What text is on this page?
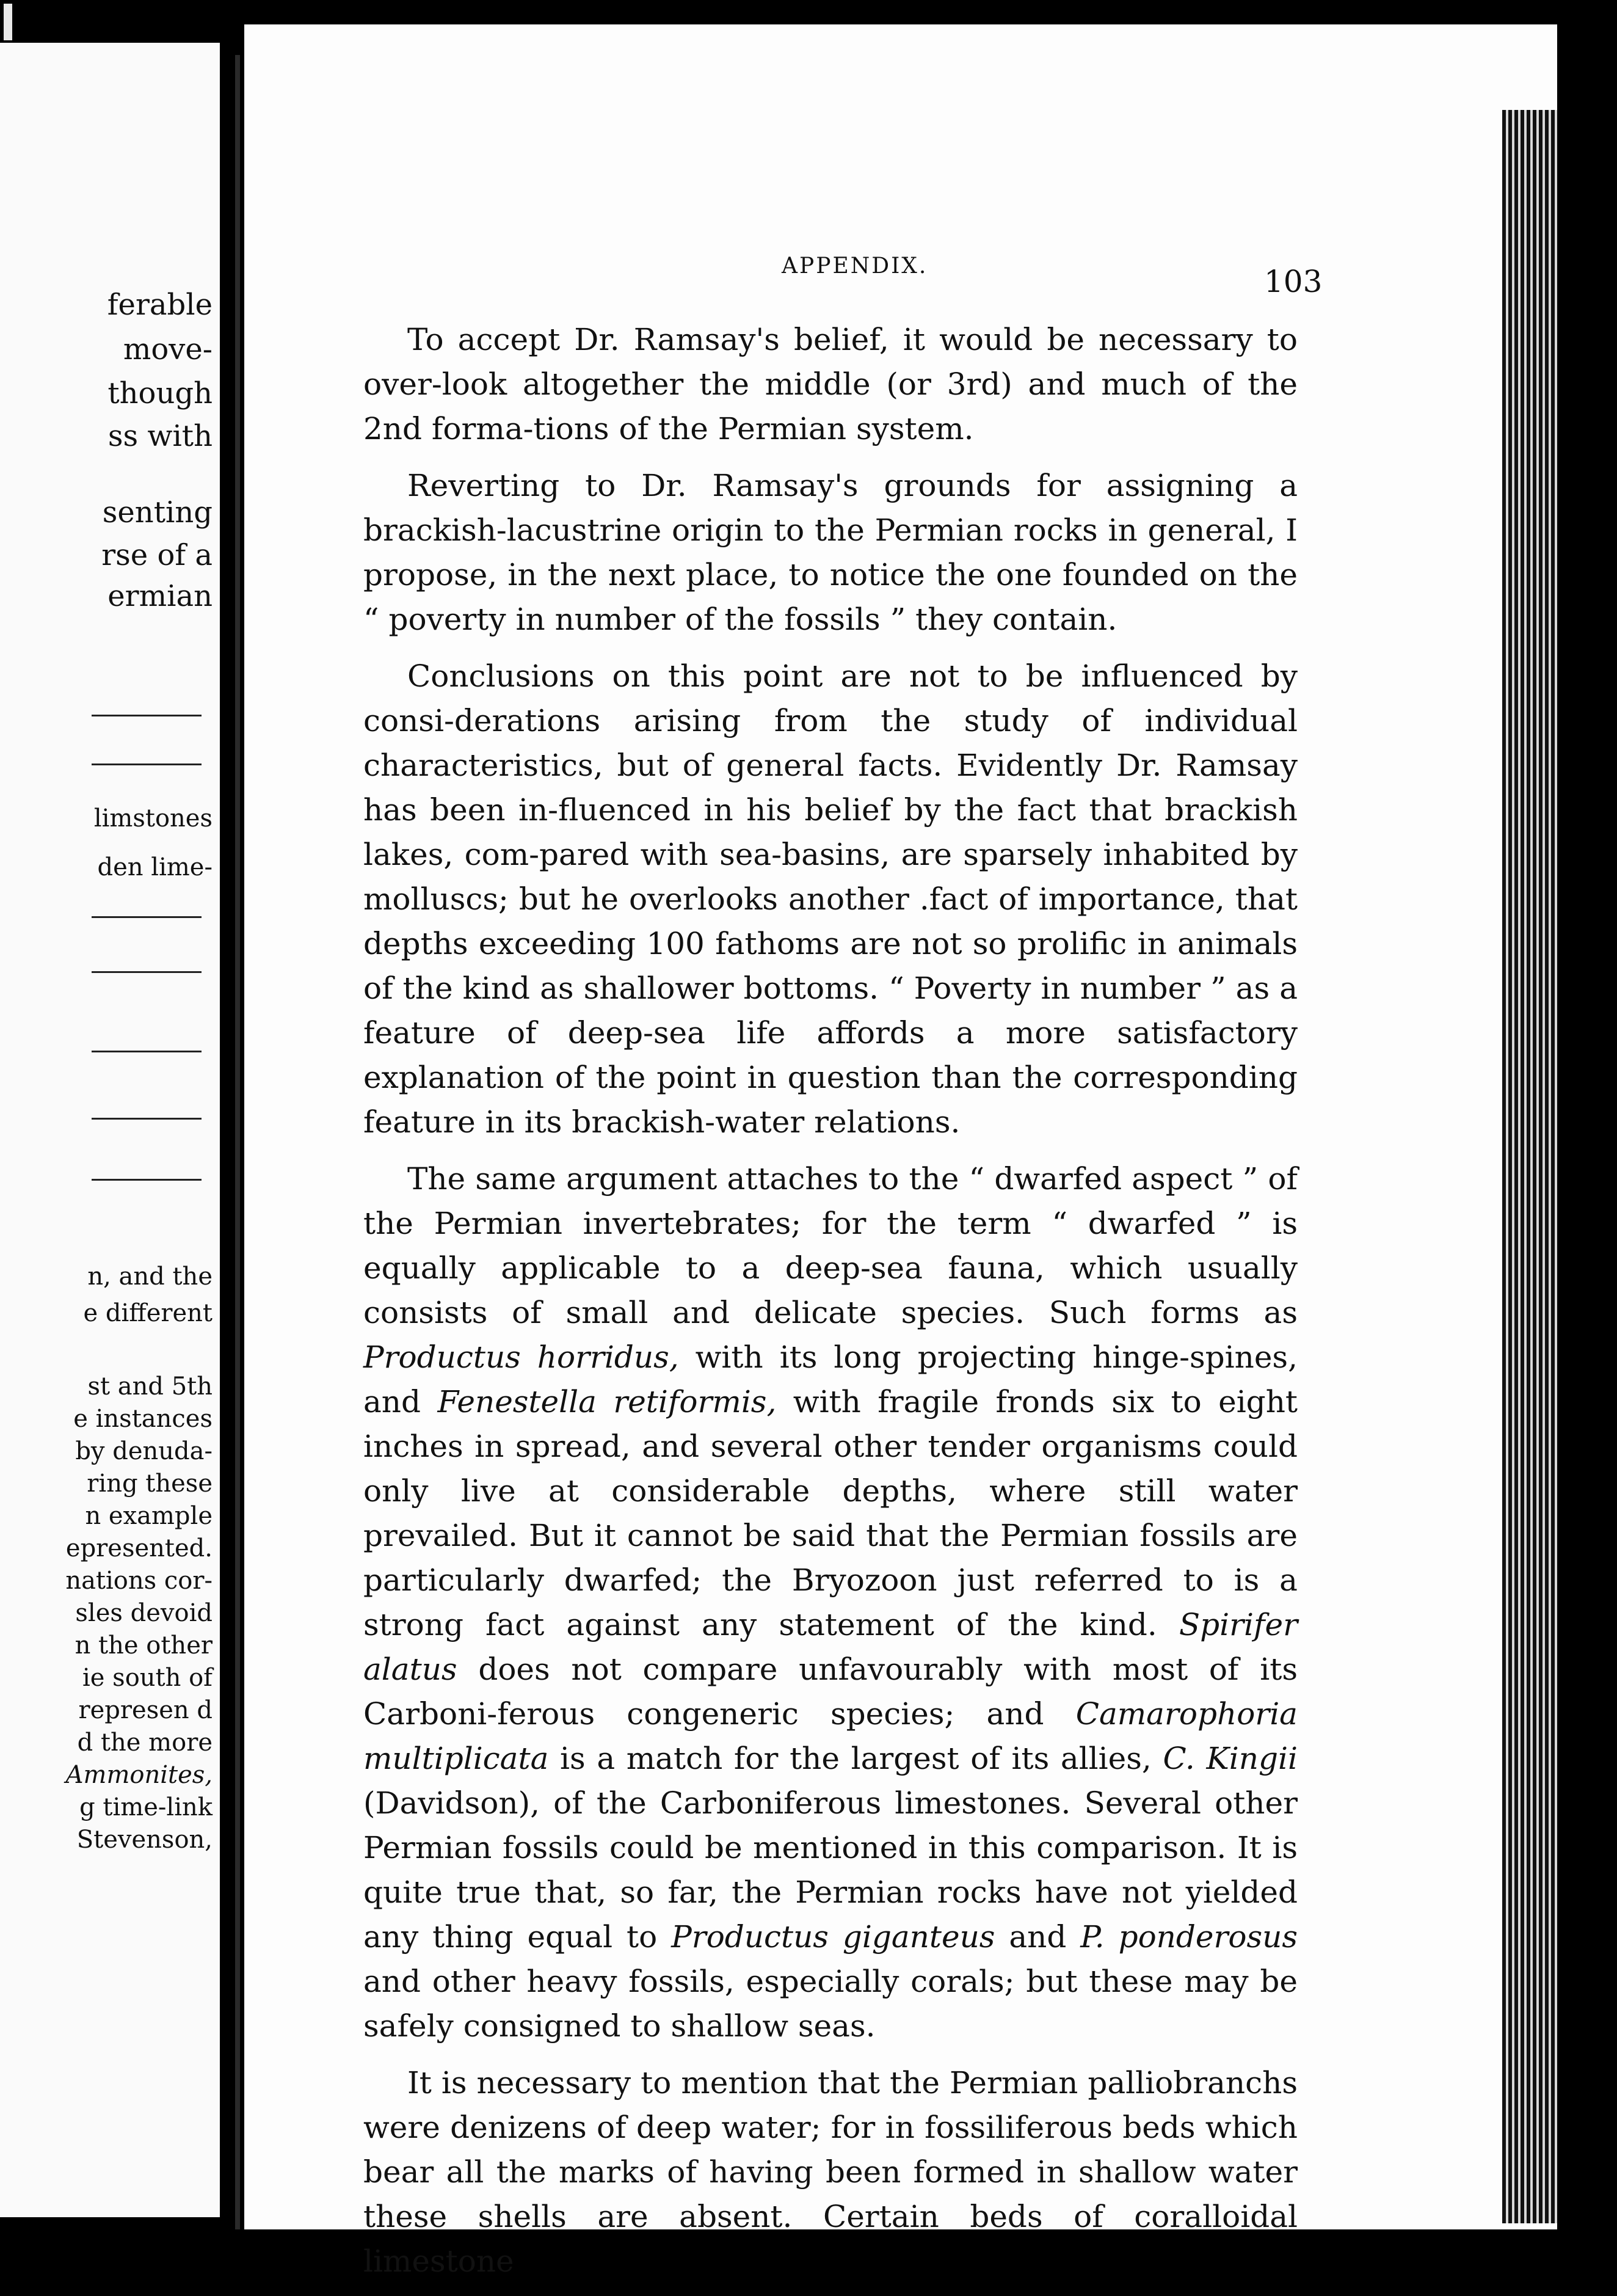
ferable
movе-
though
ss with
senting
rse of a
ermian
limstones
den lime-
n, and the
e different
st and 5th
e instances
by denuda-
ring these
n example
epresented.
nations cor-
sles devoid
n the other
ie south of
represen d
d the more
Ammonites,
g time-link
Stevenson,
APPENDIX.	103

To accept Dr. Ramsay's belief, it would be necessary to over-look altogether the middle (or 3rd) and much of the 2nd forma-tions of the Permian system.

Reverting to Dr. Ramsay's grounds for assigning a brackish-lacustrine origin to the Permian rocks in general, I propose, in the next place, to notice the one founded on the “ poverty in number of the fossils ” they contain.

Conclusions on this point are not to be influenced by consi-derations arising from the study of individual characteristics, but of general facts. Evidently Dr. Ramsay has been in-fluenced in his belief by the fact that brackish lakes, com-pared with sea-basins, are sparsely inhabited by molluscs; but he overlooks another .fact of importance, that depths exceeding 100 fathoms are not so prolific in animals of the kind as shallower bottoms. “ Poverty in number ” as a feature of deep-sea life affords a more satisfactory explanation of the point in question than the corresponding feature in its brackish-water relations.

The same argument attaches to the “ dwarfed aspect ” of the Permian invertebrates; for the term “ dwarfed ” is equally applicable to a deep-sea fauna, which usually consists of small and delicate species. Such forms as Productus horridus, with its long projecting hinge-spines, and Fenestella retiformis, with fragile fronds six to eight inches in spread, and several other tender organisms could only live at considerable depths, where still water prevailed. But it cannot be said that the Permian fossils are particularly dwarfed; the Bryozoon just referred to is a strong fact against any statement of the kind. Spirifer alatus does not compare unfavourably with most of its Carboni-ferous congeneric species; and Camarophoria multiplicata is a match for the largest of its allies, C. Kingii (Davidson), of the Carboniferous limestones. Several other Permian fossils could be mentioned in this comparison. It is quite true that, so far, the Permian rocks have not yielded any thing equal to Productus giganteus and P. ponderosus and other heavy fossils, especially corals; but these may be safely consigned to shallow seas.

It is necessary to mention that the Permian palliobranchs were denizens of deep water; for in fossiliferous beds which bear all the marks of having been formed in shallow water these shells are absent. Certain beds of coralloidal limestone
